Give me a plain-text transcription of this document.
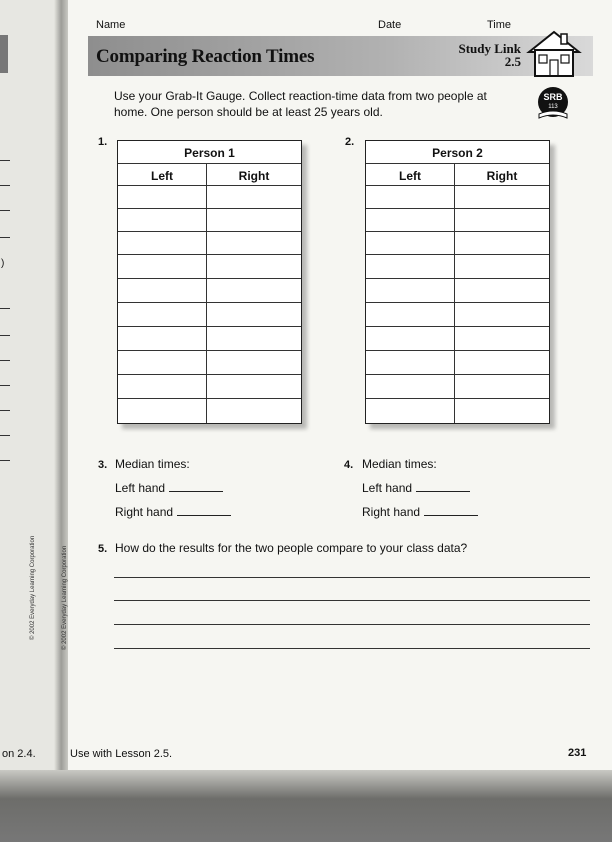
)
© 2002 Everyday Learning Corporation
on 2.4.
Name	Date	Time
Comparing Reaction Times	Study Link
2.5
Use your Grab-It Gauge. Collect reaction-time data from two people at home. One person should be at least 25 years old.
SRB
113
1.
Person 1
Left	Right
2.
Person 2
Left	Right
3. Median times:
Left hand
Right hand
4. Median times:
Left hand
Right hand
5. How do the results for the two people compare to your class data?
© 2002 Everyday Learning Corporation
Use with Lesson 2.5.	231
